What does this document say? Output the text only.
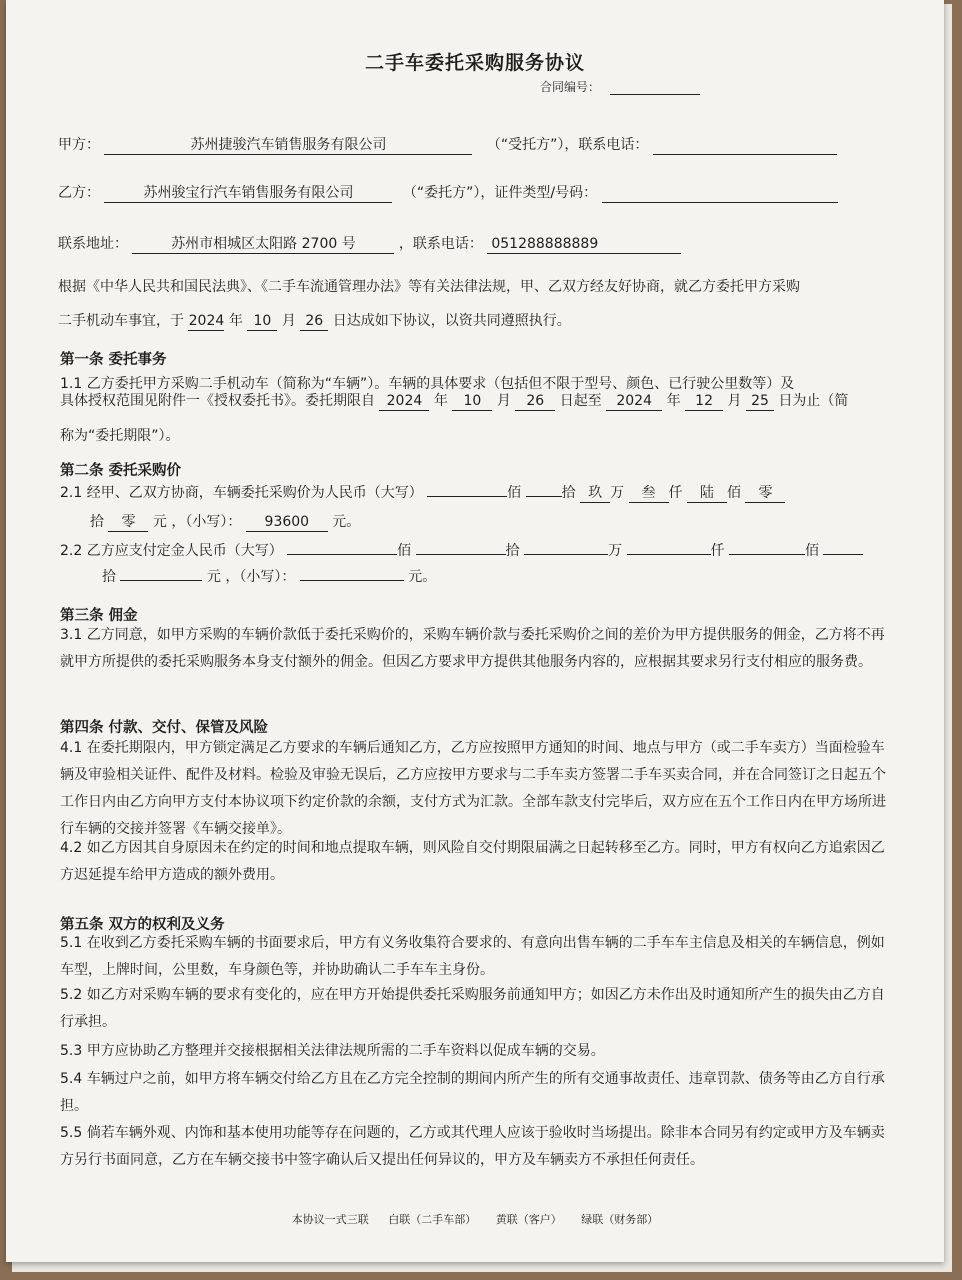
二手车委托采购服务协议
合同编号：
甲方：	苏州捷骏汽车销售服务有限公司	（“受托方”），联系电话：
乙方：	苏州骏宝行汽车销售服务有限公司	（“委托方”），证件类型/号码：
联系地址：	苏州市相城区太阳路 2700 号	，联系电话： 051288888889
根据《中华人民共和国民法典》、《二手车流通管理办法》等有关法律法规，甲、乙双方经友好协商，就乙方委托甲方采购
二手机动车事宜，于 2024 年 10 月 26 日达成如下协议，以资共同遵照执行。
第一条 委托事务
1.1 乙方委托甲方采购二手机动车（简称为“车辆”）。车辆的具体要求（包括但不限于型号、颜色、已行驶公里数等）及
具体授权范围见附件一《授权委托书》。委托期限自 2024 年 10 月 26 日起至 2024 年 12 月 25 日为止（简
称为“委托期限”）。
第二条 委托采购价
2.1 经甲、乙双方协商，车辆委托采购价为人民币（大写）	佰	拾 玖 万 叁 仟 陆 佰 零
拾 零 元 ，（小写）： 93600 元。
2.2 乙方应支付定金人民币（大写）	佰	拾	万	仟	佰
拾	元 ，（小写）：	元。
第三条 佣金
3.1 乙方同意，如甲方采购的车辆价款低于委托采购价的，采购车辆价款与委托采购价之间的差价为甲方提供服务的佣金，乙方将不再就甲方所提供的委托采购服务本身支付额外的佣金。但因乙方要求甲方提供其他服务内容的，应根据其要求另行支付相应的服务费。
第四条 付款、交付、保管及风险
4.1 在委托期限内，甲方锁定满足乙方要求的车辆后通知乙方，乙方应按照甲方通知的时间、地点与甲方（或二手车卖方）当面检验车辆及审验相关证件、配件及材料。检验及审验无误后，乙方应按甲方要求与二手车卖方签署二手车买卖合同，并在合同签订之日起五个工作日内由乙方向甲方支付本协议项下约定价款的余额，支付方式为汇款。全部车款支付完毕后，双方应在五个工作日内在甲方场所进行车辆的交接并签署《车辆交接单》。
4.2 如乙方因其自身原因未在约定的时间和地点提取车辆，则风险自交付期限届满之日起转移至乙方。同时，甲方有权向乙方追索因乙方迟延提车给甲方造成的额外费用。
第五条 双方的权利及义务
5.1 在收到乙方委托采购车辆的书面要求后，甲方有义务收集符合要求的、有意向出售车辆的二手车车主信息及相关的车辆信息，例如车型，上牌时间，公里数，车身颜色等，并协助确认二手车车主身份。
5.2 如乙方对采购车辆的要求有变化的，应在甲方开始提供委托采购服务前通知甲方；如因乙方未作出及时通知所产生的损失由乙方自行承担。
5.3 甲方应协助乙方整理并交接根据相关法律法规所需的二手车资料以促成车辆的交易。
5.4 车辆过户之前，如甲方将车辆交付给乙方且在乙方完全控制的期间内所产生的所有交通事故责任、违章罚款、债务等由乙方自行承担。
5.5 倘若车辆外观、内饰和基本使用功能等存在问题的，乙方或其代理人应该于验收时当场提出。除非本合同另有约定或甲方及车辆卖方另行书面同意，乙方在车辆交接书中签字确认后又提出任何异议的，甲方及车辆卖方不承担任何责任。
本协议一式三联 白联（二手车部） 黄联（客户） 绿联（财务部）
